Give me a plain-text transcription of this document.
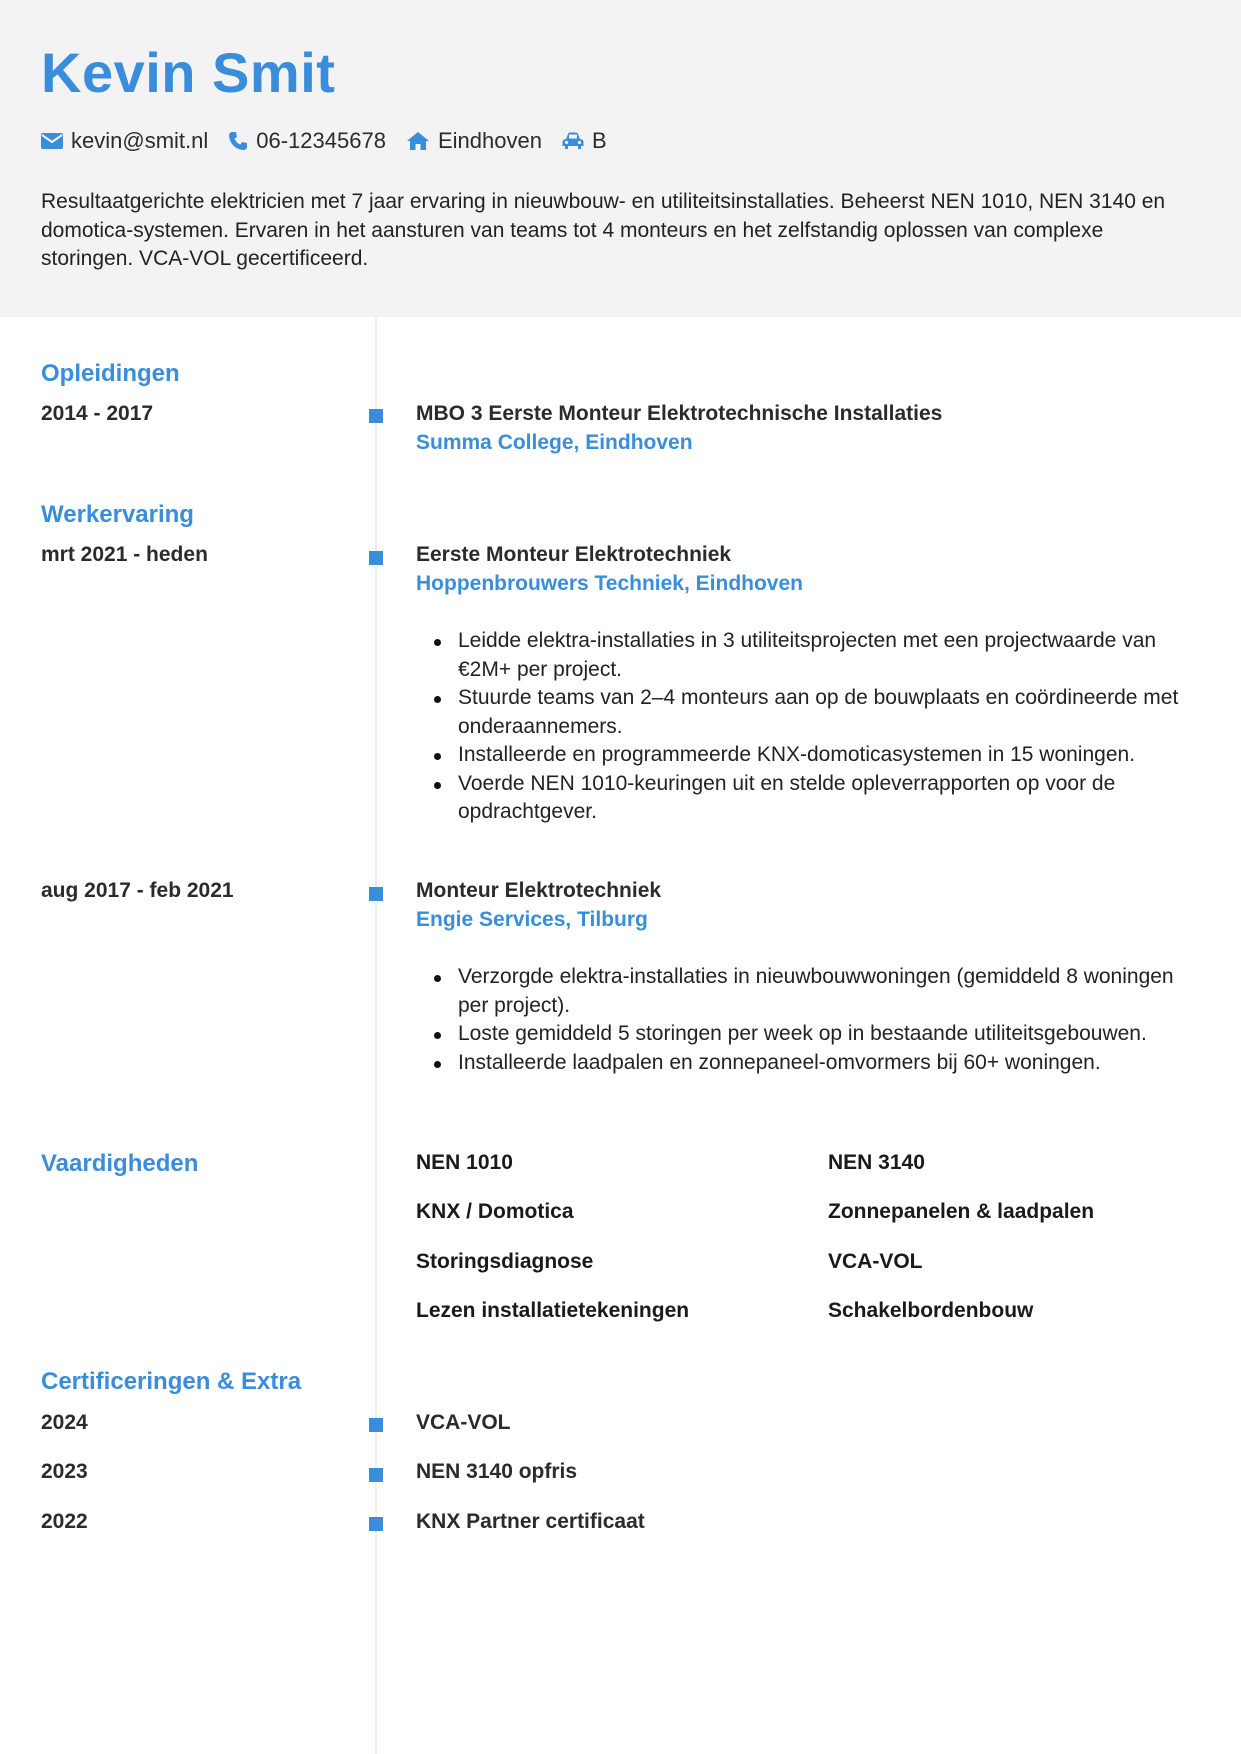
Kevin Smit
kevin@smit.nl 06-12345678 Eindhoven B
Resultaatgerichte elektricien met 7 jaar ervaring in nieuwbouw- en utiliteitsinstallaties. Beheerst NEN 1010, NEN 3140 en domotica-systemen. Ervaren in het aansturen van teams tot 4 monteurs en het zelfstandig oplossen van complexe storingen. VCA-VOL gecertificeerd.
Opleidingen
2014 - 2017	MBO 3 Eerste Monteur Elektrotechnische Installaties
Summa College, Eindhoven
Werkervaring
mrt 2021 - heden	Eerste Monteur Elektrotechniek
Hoppenbrouwers Techniek, Eindhoven
Leidde elektra-installaties in 3 utiliteitsprojecten met een projectwaarde van €2M+ per project.
Stuurde teams van 2–4 monteurs aan op de bouwplaats en coördineerde met onderaannemers.
Installeerde en programmeerde KNX-domoticasystemen in 15 woningen.
Voerde NEN 1010-keuringen uit en stelde opleverrapporten op voor de opdrachtgever.
aug 2017 - feb 2021	Monteur Elektrotechniek
Engie Services, Tilburg
Verzorgde elektra-installaties in nieuwbouwwoningen (gemiddeld 8 woningen per project).
Loste gemiddeld 5 storingen per week op in bestaande utiliteitsgebouwen.
Installeerde laadpalen en zonnepaneel-omvormers bij 60+ woningen.
Vaardigheden	NEN 1010	NEN 3140
KNX / Domotica	Zonnepanelen & laadpalen
Storingsdiagnose	VCA-VOL
Lezen installatietekeningen	Schakelbordenbouw
Certificeringen & Extra
2024	VCA-VOL
2023	NEN 3140 opfris
2022	KNX Partner certificaat
